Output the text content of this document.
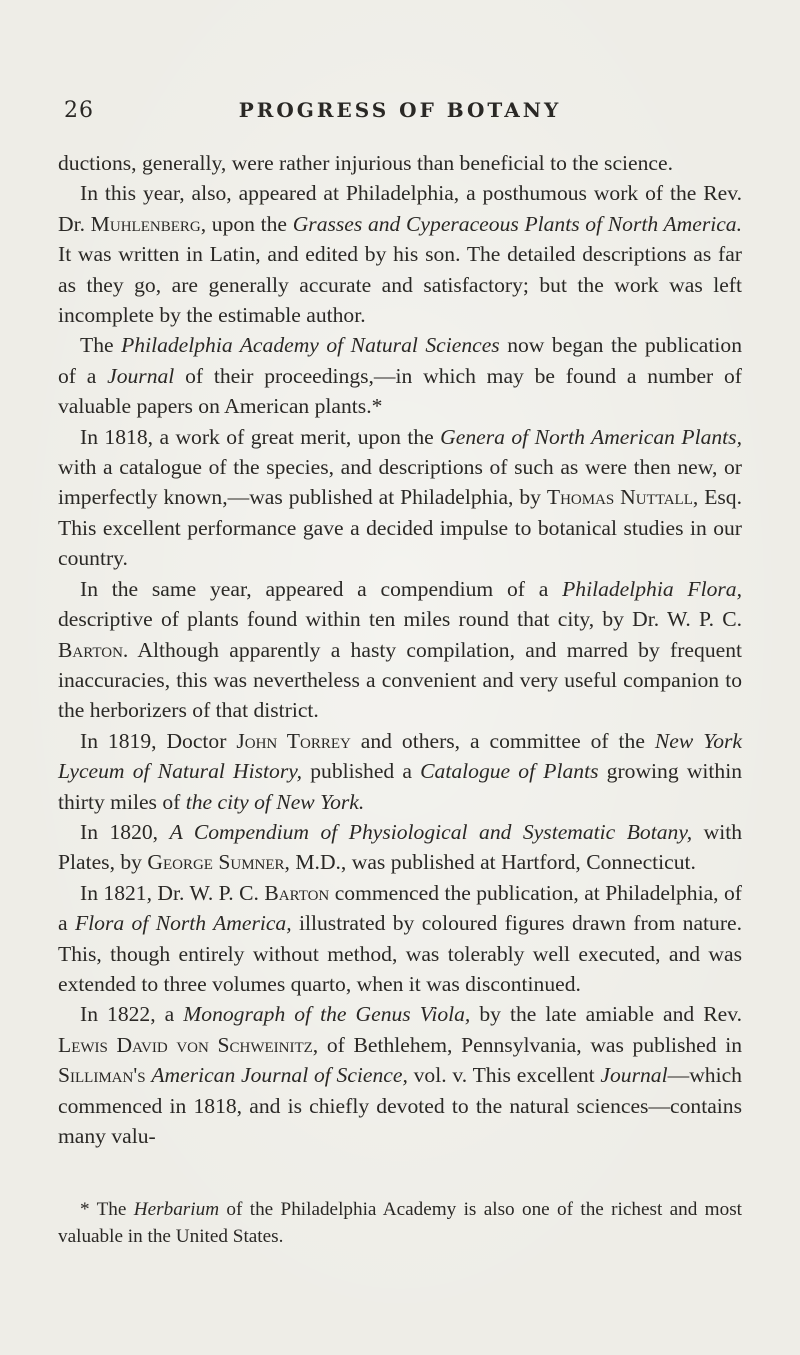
26	PROGRESS OF BOTANY

ductions, generally, were rather injurious than beneficial to the science.

In this year, also, appeared at Philadelphia, a posthumous work of the Rev. Dr. Muhlenberg, upon the Grasses and Cyperaceous Plants of North America. It was written in Latin, and edited by his son. The detailed descriptions as far as they go, are generally accurate and satisfactory; but the work was left incomplete by the estimable author.

The Philadelphia Academy of Natural Sciences now began the publication of a Journal of their proceedings,—in which may be found a number of valuable papers on American plants.*

In 1818, a work of great merit, upon the Genera of North American Plants, with a catalogue of the species, and descriptions of such as were then new, or imperfectly known,—was published at Philadelphia, by Thomas Nuttall, Esq. This excellent performance gave a decided impulse to botanical studies in our country.

In the same year, appeared a compendium of a Philadelphia Flora, descriptive of plants found within ten miles round that city, by Dr. W. P. C. Barton. Although apparently a hasty compilation, and marred by frequent inaccuracies, this was nevertheless a convenient and very useful companion to the herborizers of that district.

In 1819, Doctor John Torrey and others, a committee of the New York Lyceum of Natural History, published a Catalogue of Plants growing within thirty miles of the city of New York.

In 1820, A Compendium of Physiological and Systematic Botany, with Plates, by George Sumner, M.D., was published at Hartford, Connecticut.

In 1821, Dr. W. P. C. Barton commenced the publication, at Philadelphia, of a Flora of North America, illustrated by coloured figures drawn from nature. This, though entirely without method, was tolerably well executed, and was extended to three volumes quarto, when it was discontinued.

In 1822, a Monograph of the Genus Viola, by the late amiable and Rev. Lewis David von Schweinitz, of Bethlehem, Pennsylvania, was published in Silliman's American Journal of Science, vol. v. This excellent Journal—which commenced in 1818, and is chiefly devoted to the natural sciences—contains many valu-

* The Herbarium of the Philadelphia Academy is also one of the richest and most valuable in the United States.
